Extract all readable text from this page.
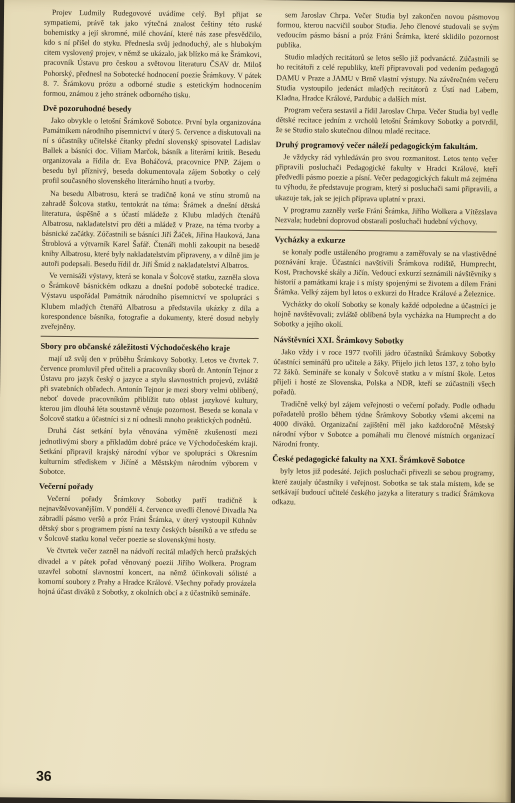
Projev Ludmily Rudegovové uvádíme celý. Byl přijat se sympatiemi, právě tak jako výtečná znalost češtiny této ruské bohemistky a její skromné, milé chování, které nás zase přesvědčilo, kdo s ní přišel do styku. Přednesla svůj jednoduchý, ale s hlubokým citem vyslovený projev, v němž se ukázalo, jak blízko má ke Šrámkovi, pracovník Ústavu pro českou a světovou literaturu ČSAV dr. Miloš Pohorský, přednesl na Sobotecké hodnocení poezie Šrámkovy. V pátek 8. 7. Šrámkovu prózu a odborné studie s estetickým hodnocením formou, známou z jeho stránek odborného tisku.

Dvě pozoruhodné besedy

Jako obvykle o letošní Šrámkově Sobotce. První byla organizována Památníkem národního písemnictví v úterý 5. července a diskutovali na ní s účastníky učitelské čítanky přední slovenský spisovatel Ladislav Ballek a básníci doc. Viliam Marčok, básník a literární kritik. Besedu organizovala a řídila dr. Eva Boháčová, pracovnice PNP. Zájem o besedu byl příznivý, beseda dokumentovala zájem Sobotky o celý profil současného slovenského literárního hnutí a tvorby.

Na besedu Albatrosu, která se tradičně koná ve stínu stromů na zahradě Šolcova statku, tentokrát na téma: Šrámek a dnešní dětská literatura, úspěšně a s účastí mládeže z Klubu mladých čtenářů Albatrosu, nakladatelství pro děti a mládež v Praze, na téma tvorby a básnické začátky. Zúčastnili se básníci Jiří Žáček, Jiřina Hauková, Jana Štroblová a výtvarník Karel Šafář. Čtenáři mohli zakoupit na besedě knihy Albatrosu, které byly nakladatelstvím připraveny, a v dílně jim je autoři podepsali. Besedu řídil dr. Jiří Šmíd z nakladatelství Albatros.

Ve vernisáži výstavy, která se konala v Šolcově statku, zazněla slova o Šrámkově básnickém odkazu a dnešní podobě sobotecké tradice. Výstavu uspořádal Památník národního písemnictví ve spolupráci s Klubem mladých čtenářů Albatrosu a představila ukázky z díla a korespondence básníka, fotografie a dokumenty, které dosud nebyly zveřejněny.

Sbory pro občanské záležitosti Východočeského kraje

mají už svůj den v průběhu Šrámkovy Sobotky. Letos ve čtvrtek 7. července promluvil před učiteli a pracovníky sborů dr. Antonín Tejnor z Ústavu pro jazyk český o jazyce a stylu slavnostních projevů, zvláště při svatebních obřadech. Antonín Tejnor je mezi sbory velmi oblíbený, neboť dovede pracovníkům přiblížit tuto oblast jazykové kultury, kterou jim dlouhá léta soustavně věnuje pozornost. Beseda se konala v Šolcově statku a účastníci si z ní odnesli mnoho praktických podnětů.

Druhá část setkání byla věnována výměně zkušeností mezi jednotlivými sbory a příkladům dobré práce ve Východočeském kraji. Setkání připravil krajský národní výbor ve spolupráci s Okresním kulturním střediskem v Jičíně a Městským národním výborem v Sobotce.

Večerní pořady

Večerní pořady Šrámkovy Sobotky patří tradičně k nejnavštěvovanějším. V pondělí 4. července uvedli členové Divadla Na zábradlí pásmo veršů a próz Fráni Šrámka, v úterý vystoupil Kühnův dětský sbor s programem písní na texty českých básníků a ve středu se v Šolcově statku konal večer poezie se slovenskými hosty.

Ve čtvrtek večer zazněl na nádvoří recitál mladých herců pražských divadel a v pátek pořad věnovaný poezii Jiřího Wolkera. Program uzavřel sobotní slavnostní koncert, na němž účinkovali sólisté a komorní soubory z Prahy a Hradce Králové. Všechny pořady provázela hojná účast diváků z Sobotky, z okolních obcí a z účastníků semináře.

sem Jaroslav Chrpa. Večer Studia byl zakončen novou pásmovou formou, kterou nacvičil soubor Studia. Jeho členové studovali se svým vedoucím pásmo básní a próz Fráni Šrámka, které sklidilo pozornost publika.

Studio mladých recitátorů se letos sešlo již podvanácté. Zúčastnili se ho recitátoři z celé republiky, kteří připravovali pod vedením pedagogů DAMU v Praze a JAMU v Brně vlastní výstupy. Na závěrečném večeru Studia vystoupilo jedenáct mladých recitátorů z Ústí nad Labem, Kladna, Hradce Králové, Pardubic a dalších míst.

Program večera sestavil a řídil Jaroslav Chrpa. Večer Studia byl vedle dětské recitace jedním z vrcholů letošní Šrámkovy Sobotky a potvrdil, že se Studio stalo skutečnou dílnou mladé recitace.

Druhý programový večer náleží pedagogickým fakultám.

Je vždycky rád vyhledáván pro svou rozmanitost. Letos tento večer připravili posluchači Pedagogické fakulty v Hradci Králové, kteří předvedli pásmo poezie a písní. Večer pedagogických fakult má zejména tu výhodu, že představuje program, který si posluchači sami připravili, a ukazuje tak, jak se jejich příprava uplatní v praxi.

V programu zazněly verše Fráni Šrámka, Jiřího Wolkera a Vítězslava Nezvala; hudební doprovod obstarali posluchači hudební výchovy.

Vycházky a exkurze

se konaly podle ustáleného programu a zaměřovaly se na vlastivědné poznávání kraje. Účastníci navštívili Šrámkova rodiště, Humprecht, Kost, Prachovské skály a Jičín. Vedoucí exkurzí seznámili návštěvníky s historií a památkami kraje i s místy spojenými se životem a dílem Fráni Šrámka. Velký zájem byl letos o exkurzi do Hradce Králové a Železnice.

Vycházky do okolí Sobotky se konaly každé odpoledne a účastníci je hojně navštěvovali; zvláště oblíbená byla vycházka na Humprecht a do Sobotky a jejího okolí.

Návštěvníci XXI. Šrámkovy Sobotky

Jako vždy i v roce 1977 tvořili jádro účastníků Šrámkovy Sobotky účastníci seminářů pro učitele a žáky. Přijelo jich letos 137, z toho bylo 72 žáků. Semináře se konaly v Šolcově statku a v místní škole. Letos přijeli i hosté ze Slovenska, Polska a NDR, kteří se zúčastnili všech pořadů.

Tradičně velký byl zájem veřejnosti o večerní pořady. Podle odhadu pořadatelů prošlo během týdne Šrámkovy Sobotky všemi akcemi na 4000 diváků. Organizační zajištění měl jako každoročně Městský národní výbor v Sobotce a pomáhali mu členové místních organizací Národní fronty.

České pedagogické fakulty na XXI. Šrámkově Sobotce

byly letos již podesáté. Jejich posluchači přivezli se sebou programy, které zaujaly účastníky i veřejnost. Sobotka se tak stala místem, kde se setkávají budoucí učitelé českého jazyka a literatury s tradicí Šrámkova odkazu.

36
